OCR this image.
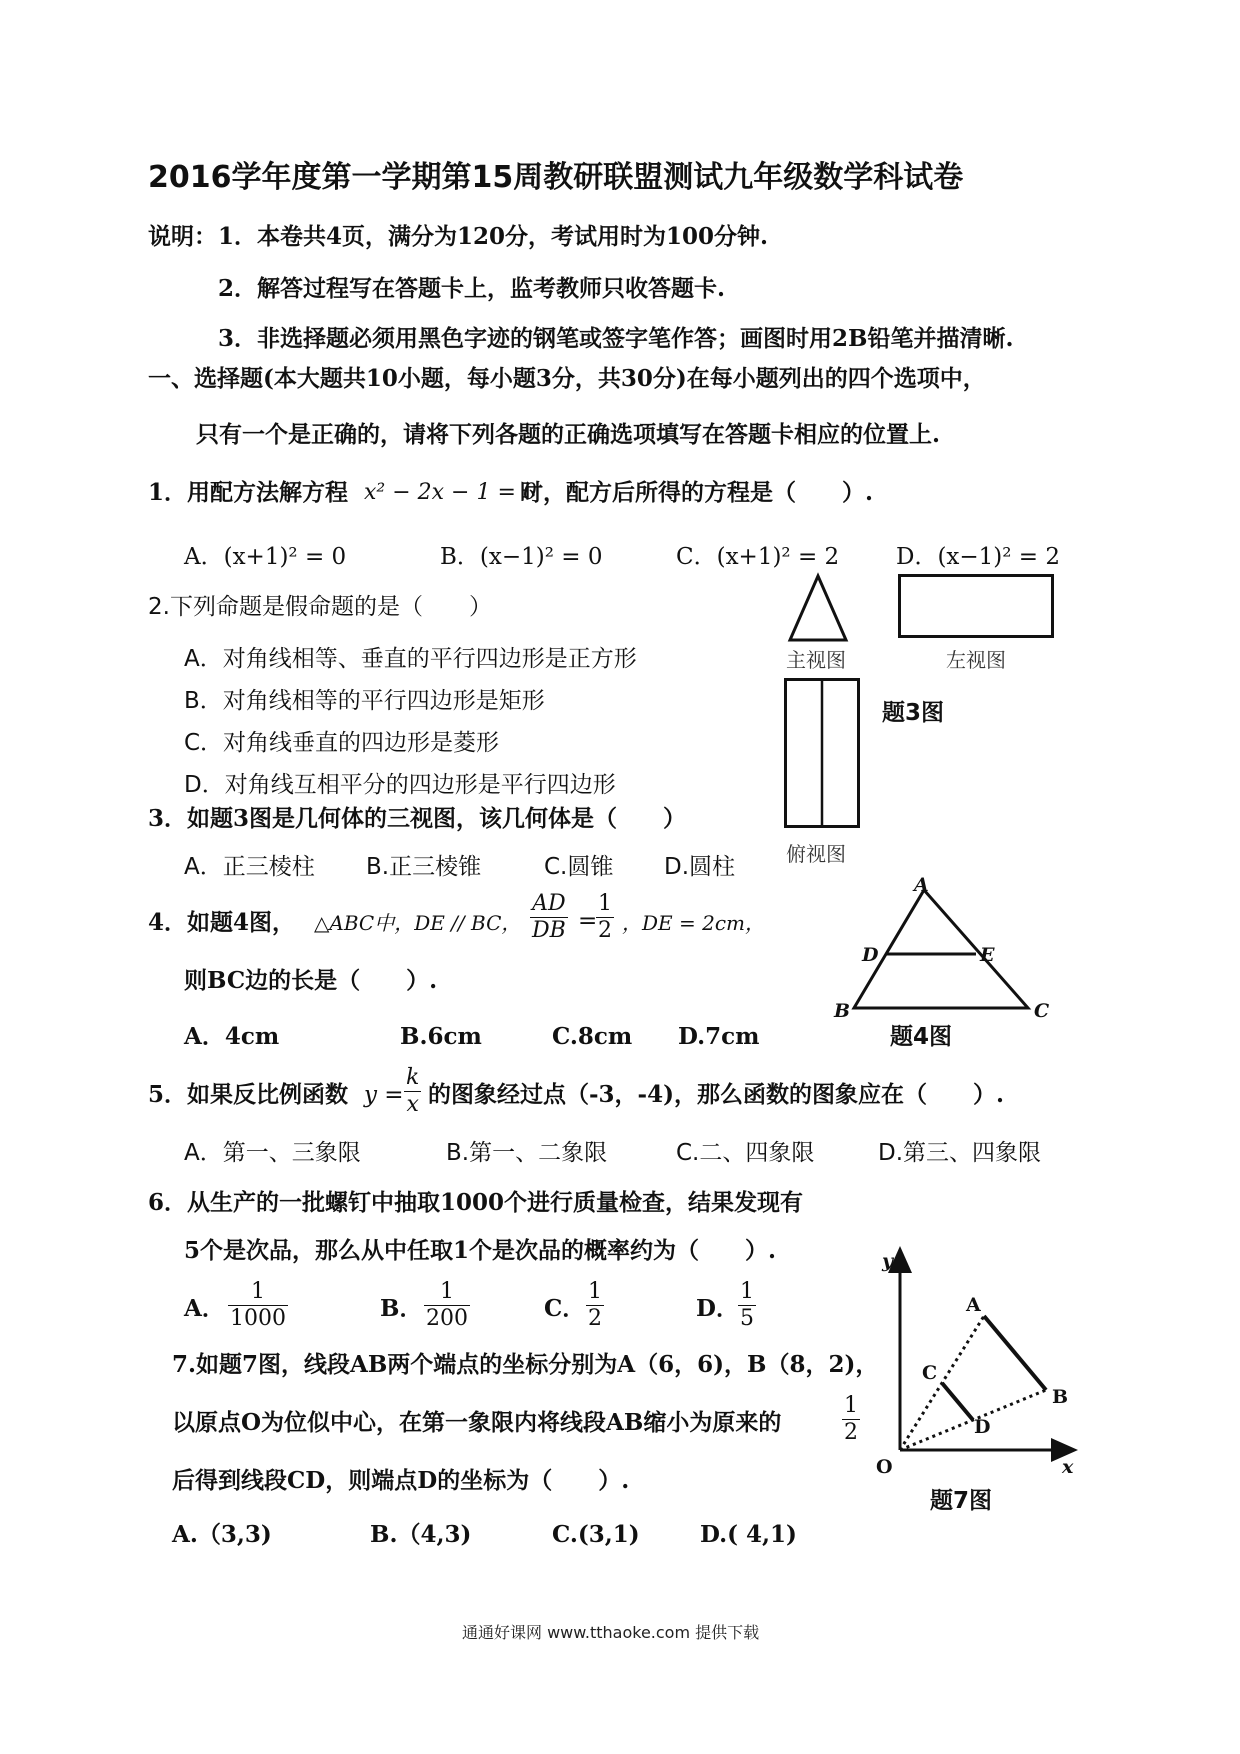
2016学年度第一学期第15周教研联盟测试九年级数学科试卷
说明： 1．本卷共4页，满分为120分，考试用时为100分钟.
2．解答过程写在答题卡上，监考教师只收答题卡.
3．非选择题必须用黑色字迹的钢笔或签字笔作答；画图时用2B铅笔并描清晰.
一、选择题(本大题共10小题，每小题3分，共30分)在每小题列出的四个选项中，
只有一个是正确的，请将下列各题的正确选项填写在答题卡相应的位置上.
1．用配方法解方程 x² − 2x − 1 = 0
时，配方后所得的方程是（　　）.
A．(x+1)² = 0	B．(x−1)² = 0	C．(x+1)² = 2 D．(x−1)² = 2
2.下列命题是假命题的是（　　）
A．对角线相等、垂直的平行四边形是正方形
B．对角线相等的平行四边形是矩形
C．对角线垂直的四边形是菱形
D．对角线互相平分的四边形是平行四边形
主视图	左视图
俯视图
题3图
3．如题3图是几何体的三视图，该几何体是（　　）
A．正三棱柱 B.正三棱锥	C.圆锥 D.圆柱
4．如题4图， △ABC中，DE // BC， $\frac{AD}{DB}$ =
$\frac{1}{2}$ ，DE = 2cm，
则BC边的长是（　　）.
A．4cm	B.6cm	C.8cm D.7cm
A
D	E
B	C
题4图
5．如果反比例函数 $y = \frac{k}{x}$ 的图象经过点（-3，-4)，那么函数的图象应在（　　）.
A．第一、三象限	B.第一、二象限	C.二、四象限	D.第三、四象限
6．从生产的一批螺钉中抽取1000个进行质量检查，结果发现有
5个是次品，那么从中任取1个是次品的概率约为（　　）.
A． $\frac{1}{1000}$	B． $\frac{1}{200}$	C． $\frac{1}{2}$	D． $\frac{1}{5}$
7.如题7图，线段AB两个端点的坐标分别为A（6，6)，B（8，2)，
以原点O为位似中心，在第一象限内将线段AB缩小为原来的	$\frac{1}{2}$
后得到线段CD，则端点D的坐标为（　　）.
A.（3,3)	B.（4,3)	C.(3,1)	D.( 4,1)
y
A
C
B
D
O	x
题7图
通通好课网 www.tthaoke.com 提供下载
